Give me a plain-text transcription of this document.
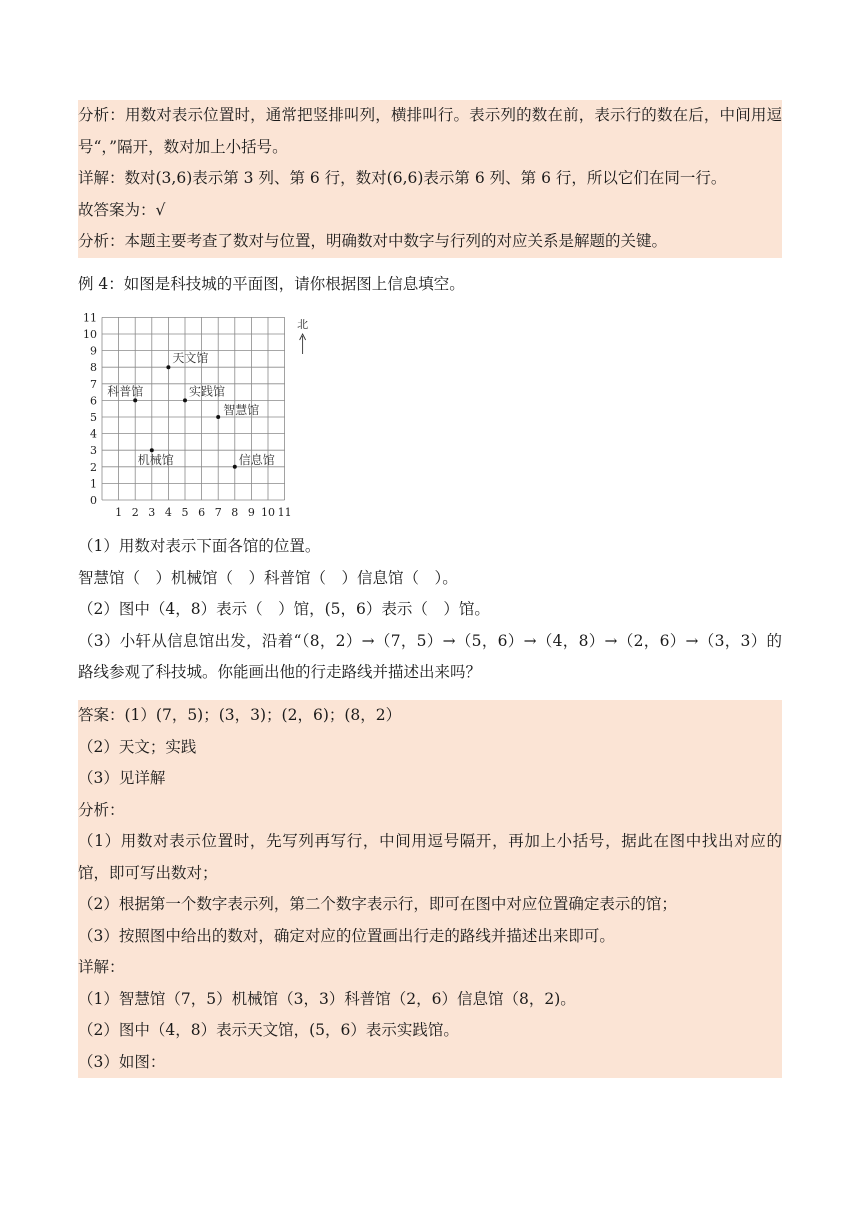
分析：用数对表示位置时，通常把竖排叫列，横排叫行。表示列的数在前，表示行的数在后，中间用逗号“，”隔开，数对加上小括号。

详解：数对(3,6)表示第 3 列、第 6 行，数对(6,6)表示第 6 列、第 6 行，所以它们在同一行。

故答案为：√

分析：本题主要考查了数对与位置，明确数对中数字与行列的对应关系是解题的关键。

例 4：如图是科技城的平面图，请你根据图上信息填空。

0
1
2
3
4
5
6
7
8
9
10
11
1 2 3 4 5 6 7 8 9 10 11
北
天文馆
科普馆	实践馆
智慧馆
机械馆	信息馆

（1）用数对表示下面各馆的位置。

智慧馆（　）机械馆（　）科普馆（　）信息馆（　）。

（2）图中（4，8）表示（　）馆，(5，6）表示（　）馆。

（3）小轩从信息馆出发，沿着“（8，2）→（7，5）→（5，6）→（4，8）→（2，6）→（3，3）的路线参观了科技城。你能画出他的行走路线并描述出来吗？

答案：(1）(7，5)；(3，3)；(2，6)；(8，2）

（2）天文；实践

（3）见详解

分析：

（1）用数对表示位置时，先写列再写行，中间用逗号隔开，再加上小括号，据此在图中找出对应的馆，即可写出数对；

（2）根据第一个数字表示列，第二个数字表示行，即可在图中对应位置确定表示的馆；

（3）按照图中给出的数对，确定对应的位置画出行走的路线并描述出来即可。

详解：

（1）智慧馆（7，5）机械馆（3，3）科普馆（2，6）信息馆（8，2)。

（2）图中（4，8）表示天文馆，(5，6）表示实践馆。

（3）如图：
